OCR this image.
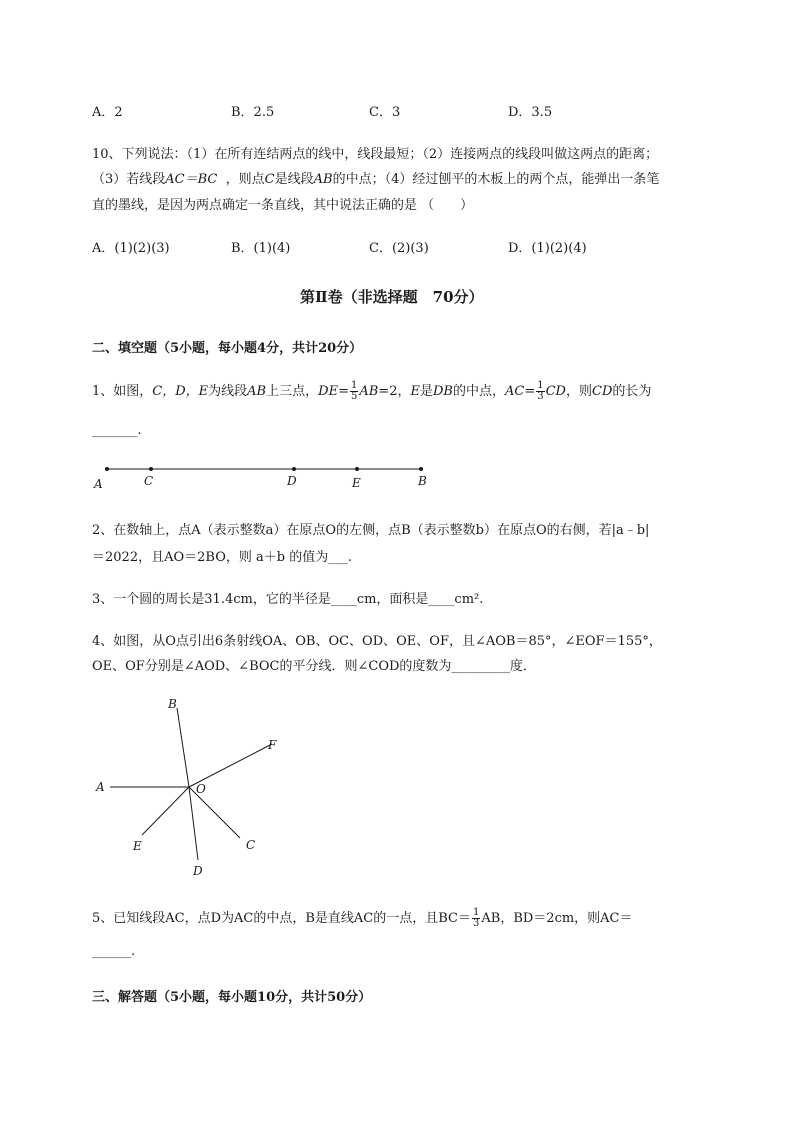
A．2	B．2.5	C．3	D．3.5
10、下列说法：（1）在所有连结两点的线中，线段最短；（2）连接两点的线段叫做这两点的距离；
（3）若线段AC＝BC ，则点C是线段AB的中点；（4）经过刨平的木板上的两个点，能弹出一条笔
直的墨线，是因为两点确定一条直线，其中说法正确的是 （　　）
A．(1)(2)(3)	B．(1)(4)	C．(2)(3)	D．(1)(2)(4)
第Ⅱ卷（非选择题　70分）
二、填空题（5小题，每小题4分，共计20分）
1、如图，C，D，E为线段AB上三点，$DE= \frac{1}{5} AB=2$，E是DB的中点，$AC= \frac{1}{3}$ CD，则CD的长为
_______.
A	C	D	E	B
2、在数轴上，点A（表示整数a）在原点O的左侧，点B（表示整数b）在原点O的右侧，若|a﹣b|
＝2022，且AO＝2BO，则 a＋b 的值为___.
3、一个圆的周长是31.4cm，它的半径是____cm，面积是____cm².
4、如图，从O点引出6条射线OA、OB、OC、OD、OE、OF，且∠AOB＝85°，∠EOF＝155°，
OE、OF分别是∠AOD、∠BOC的平分线．则∠COD的度数为_________度．
A
B
F
O
C
D
E
5、已知线段AC，点D为AC的中点，B是直线AC的一点，且$BC= \frac{1}{3}$ AB，BD＝2cm，则AC＝
______.
三、解答题（5小题，每小题10分，共计50分）
